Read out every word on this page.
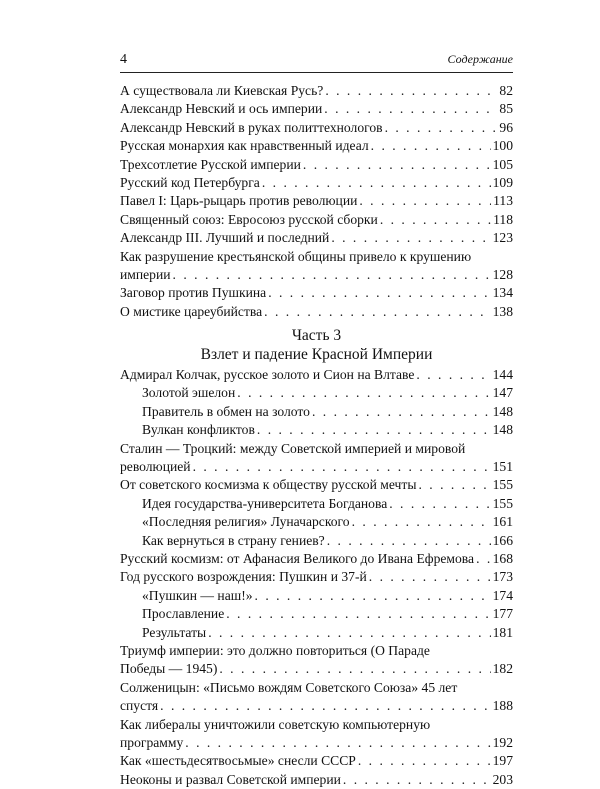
4	Содержание
А существовала ли Киевская Русь? . . .	82
Александр Невский и ось империи . . .	85
Александр Невский в руках политтехнологов . . .	96
Русская монархия как нравственный идеал . . .	100
Трехсотлетие Русской империи . . .	105
Русский код Петербурга . . .	109
Павел I: Царь-рыцарь против революции . . .	113
Священный союз: Евросоюз русской сборки . . .	118
Александр III. Лучший и последний . . .	123
Как разрушение крестьянской общины привело к крушению
империи . . .	128
Заговор против Пушкина . . .	134
О мистике цареубийства . . .	138
Часть 3
Взлет и падение Красной Империи
Адмирал Колчак, русское золото и Сион на Влтаве . . .	144
Золотой эшелон . . .	147
Правитель в обмен на золото . . .	148
Вулкан конфликтов . . .	148
Сталин — Троцкий: между Советской империей и мировой
революцией . . .	151
От советского космизма к обществу русской мечты . . .	155
Идея государства-университета Богданова . . .	155
«Последняя религия» Луначарского . . .	161
Как вернуться в страну гениев? . . .	166
Русский космизм: от Афанасия Великого до Ивана Ефремова . . . 168
Год русского возрождения: Пушкин и 37-й . . .	173
«Пушкин — наш!» . . .	174
Прославление . . .	177
Результаты . . .	181
Триумф империи: это должно повториться (О Параде
Победы — 1945) . . .	182
Солженицын: «Письмо вождям Советского Союза» 45 лет
спустя . . .	188
Как либералы уничтожили советскую компьютерную
программу . . .	192
Как «шестьдесятвосьмые» снесли СССР . . .	197
Неоконы и развал Советской империи . . .	203
